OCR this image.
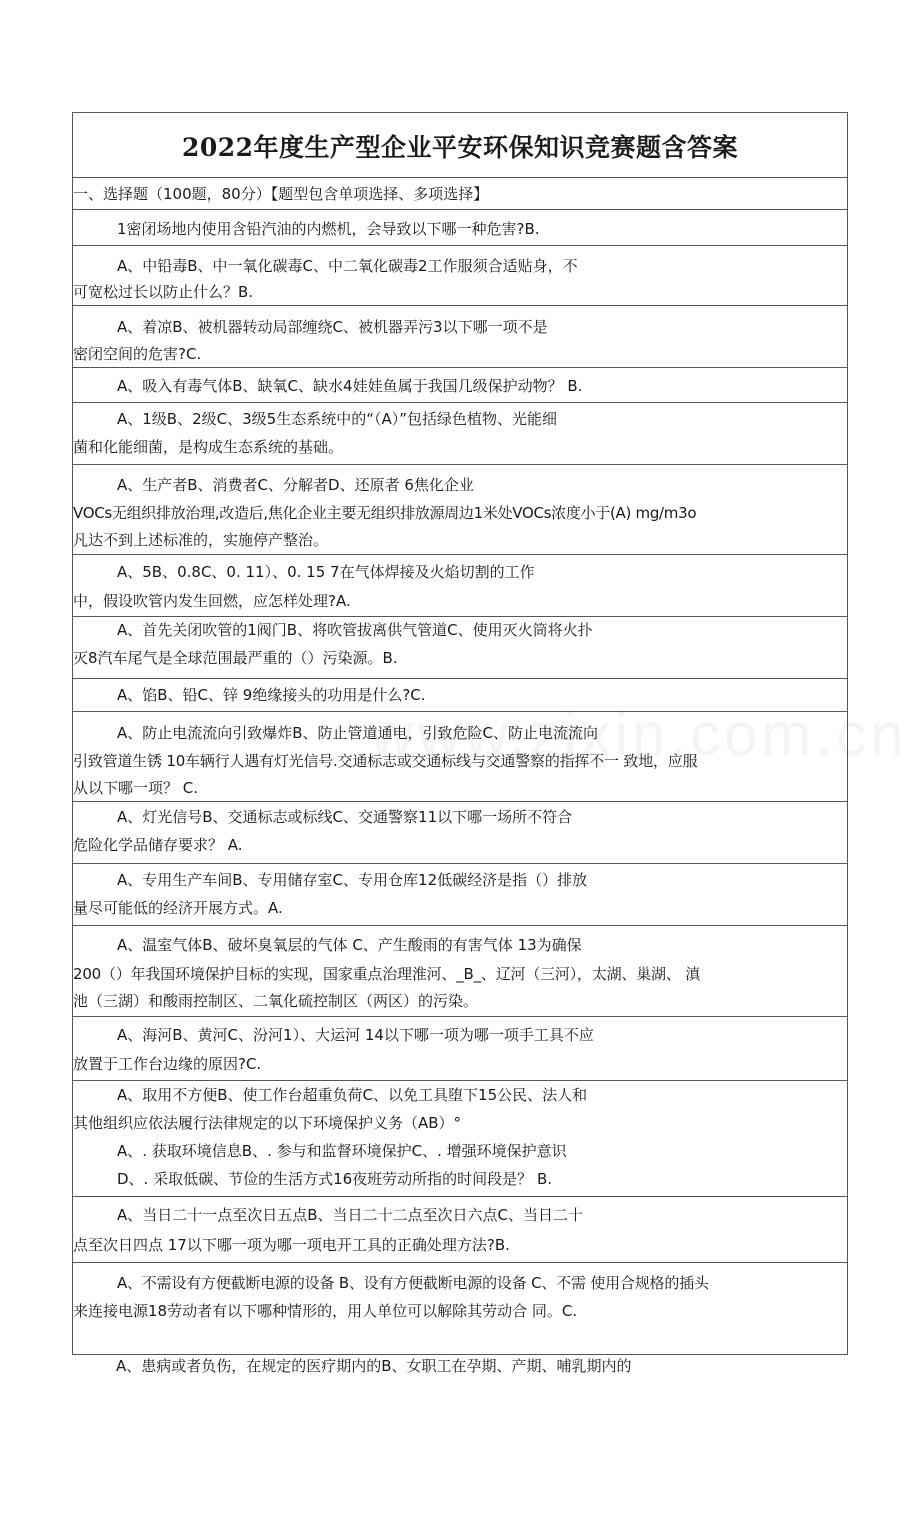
2022年度生产型企业平安环保知识竞赛题含答案
一、选择题（100题，80分）【题型包含单项选择、多项选择】
1密闭场地内使用含铅汽油的内燃机，会导致以下哪一种危害?B.
A、中铅毒B、中一氧化碳毒C、中二氧化碳毒2工作服须合适贴身，不
可宽松过长以防止什么？B.
A、着凉B、被机器转动局部缠绕C、被机器弄污3以下哪一项不是
密闭空间的危害?C.
A、吸入有毒气体B、缺氧C、缺水4娃娃鱼属于我国几级保护动物？ B.
A、1级B、2级C、3级5生态系统中的“（A）”包括绿色植物、光能细
菌和化能细菌，是构成生态系统的基础。
A、生产者B、消费者C、分解者D、还原者 6焦化企业
VOCs无组织排放治理,改造后,焦化企业主要无组织排放源周边1米处VOCs浓度小于(A) mg/m3o
凡达不到上述标准的，实施停产整治。
A、5B、0.8C、0. 11）、0. 15 7在气体焊接及火焰切割的工作
中，假设吹管内发生回燃，应怎样处理?A.
A、首先关闭吹管的1阀门B、将吹管拔离供气管道C、使用灭火筒将火扑
灭8汽车尾气是全球范围最严重的（）污染源。B.
A、馅B、铅C、锌 9绝缘接头的功用是什么?C.
A、防止电流流向引致爆炸B、防止管道通电，引致危险C、防止电流流向
引致管道生锈 10车辆行人遇有灯光信号.交通标志或交通标线与交通警察的指挥不一 致地，应服
从以下哪一项？ C.
A、灯光信号B、交通标志或标线C、交通警察11以下哪一场所不符合
危险化学品储存要求？ A.
A、专用生产车间B、专用储存室C、专用仓库12低碳经济是指（）排放
量尽可能低的经济开展方式。A.
A、温室气体B、破坏臭氧层的气体 C、产生酸雨的有害气体 13为确保
200（）年我国环境保护目标的实现，国家重点治理淮河、_B_、辽河（三河），太湖、巢湖、 滇
池（三湖）和酸雨控制区、二氧化硫控制区（两区）的污染。
A、海河B、黄河C、汾河1）、大运河 14以下哪一项为哪一项手工具不应
放置于工作台边缘的原因?C.
A、取用不方便B、使工作台超重负荷C、以免工具堕下15公民、法人和
其他组织应依法履行法律规定的以下环境保护义务（AB）°
A、. 获取环境信息B、. 参与和监督环境保护C、. 增强环境保护意识
D、. 采取低碳、节俭的生活方式16夜班劳动所指的时间段是？ B.
A、当日二十一点至次日五点B、当日二十二点至次日六点C、当日二十
点至次日四点 17以下哪一项为哪一项电开工具的正确处理方法?B.
A、不需设有方便截断电源的设备 B、设有方便截断电源的设备 C、不需 使用合规格的插头
来连接电源18劳动者有以下哪种情形的，用人单位可以解除其劳动合 同。C.
A、患病或者负伤，在规定的医疗期内的B、女职工在孕期、产期、哺乳期内的
